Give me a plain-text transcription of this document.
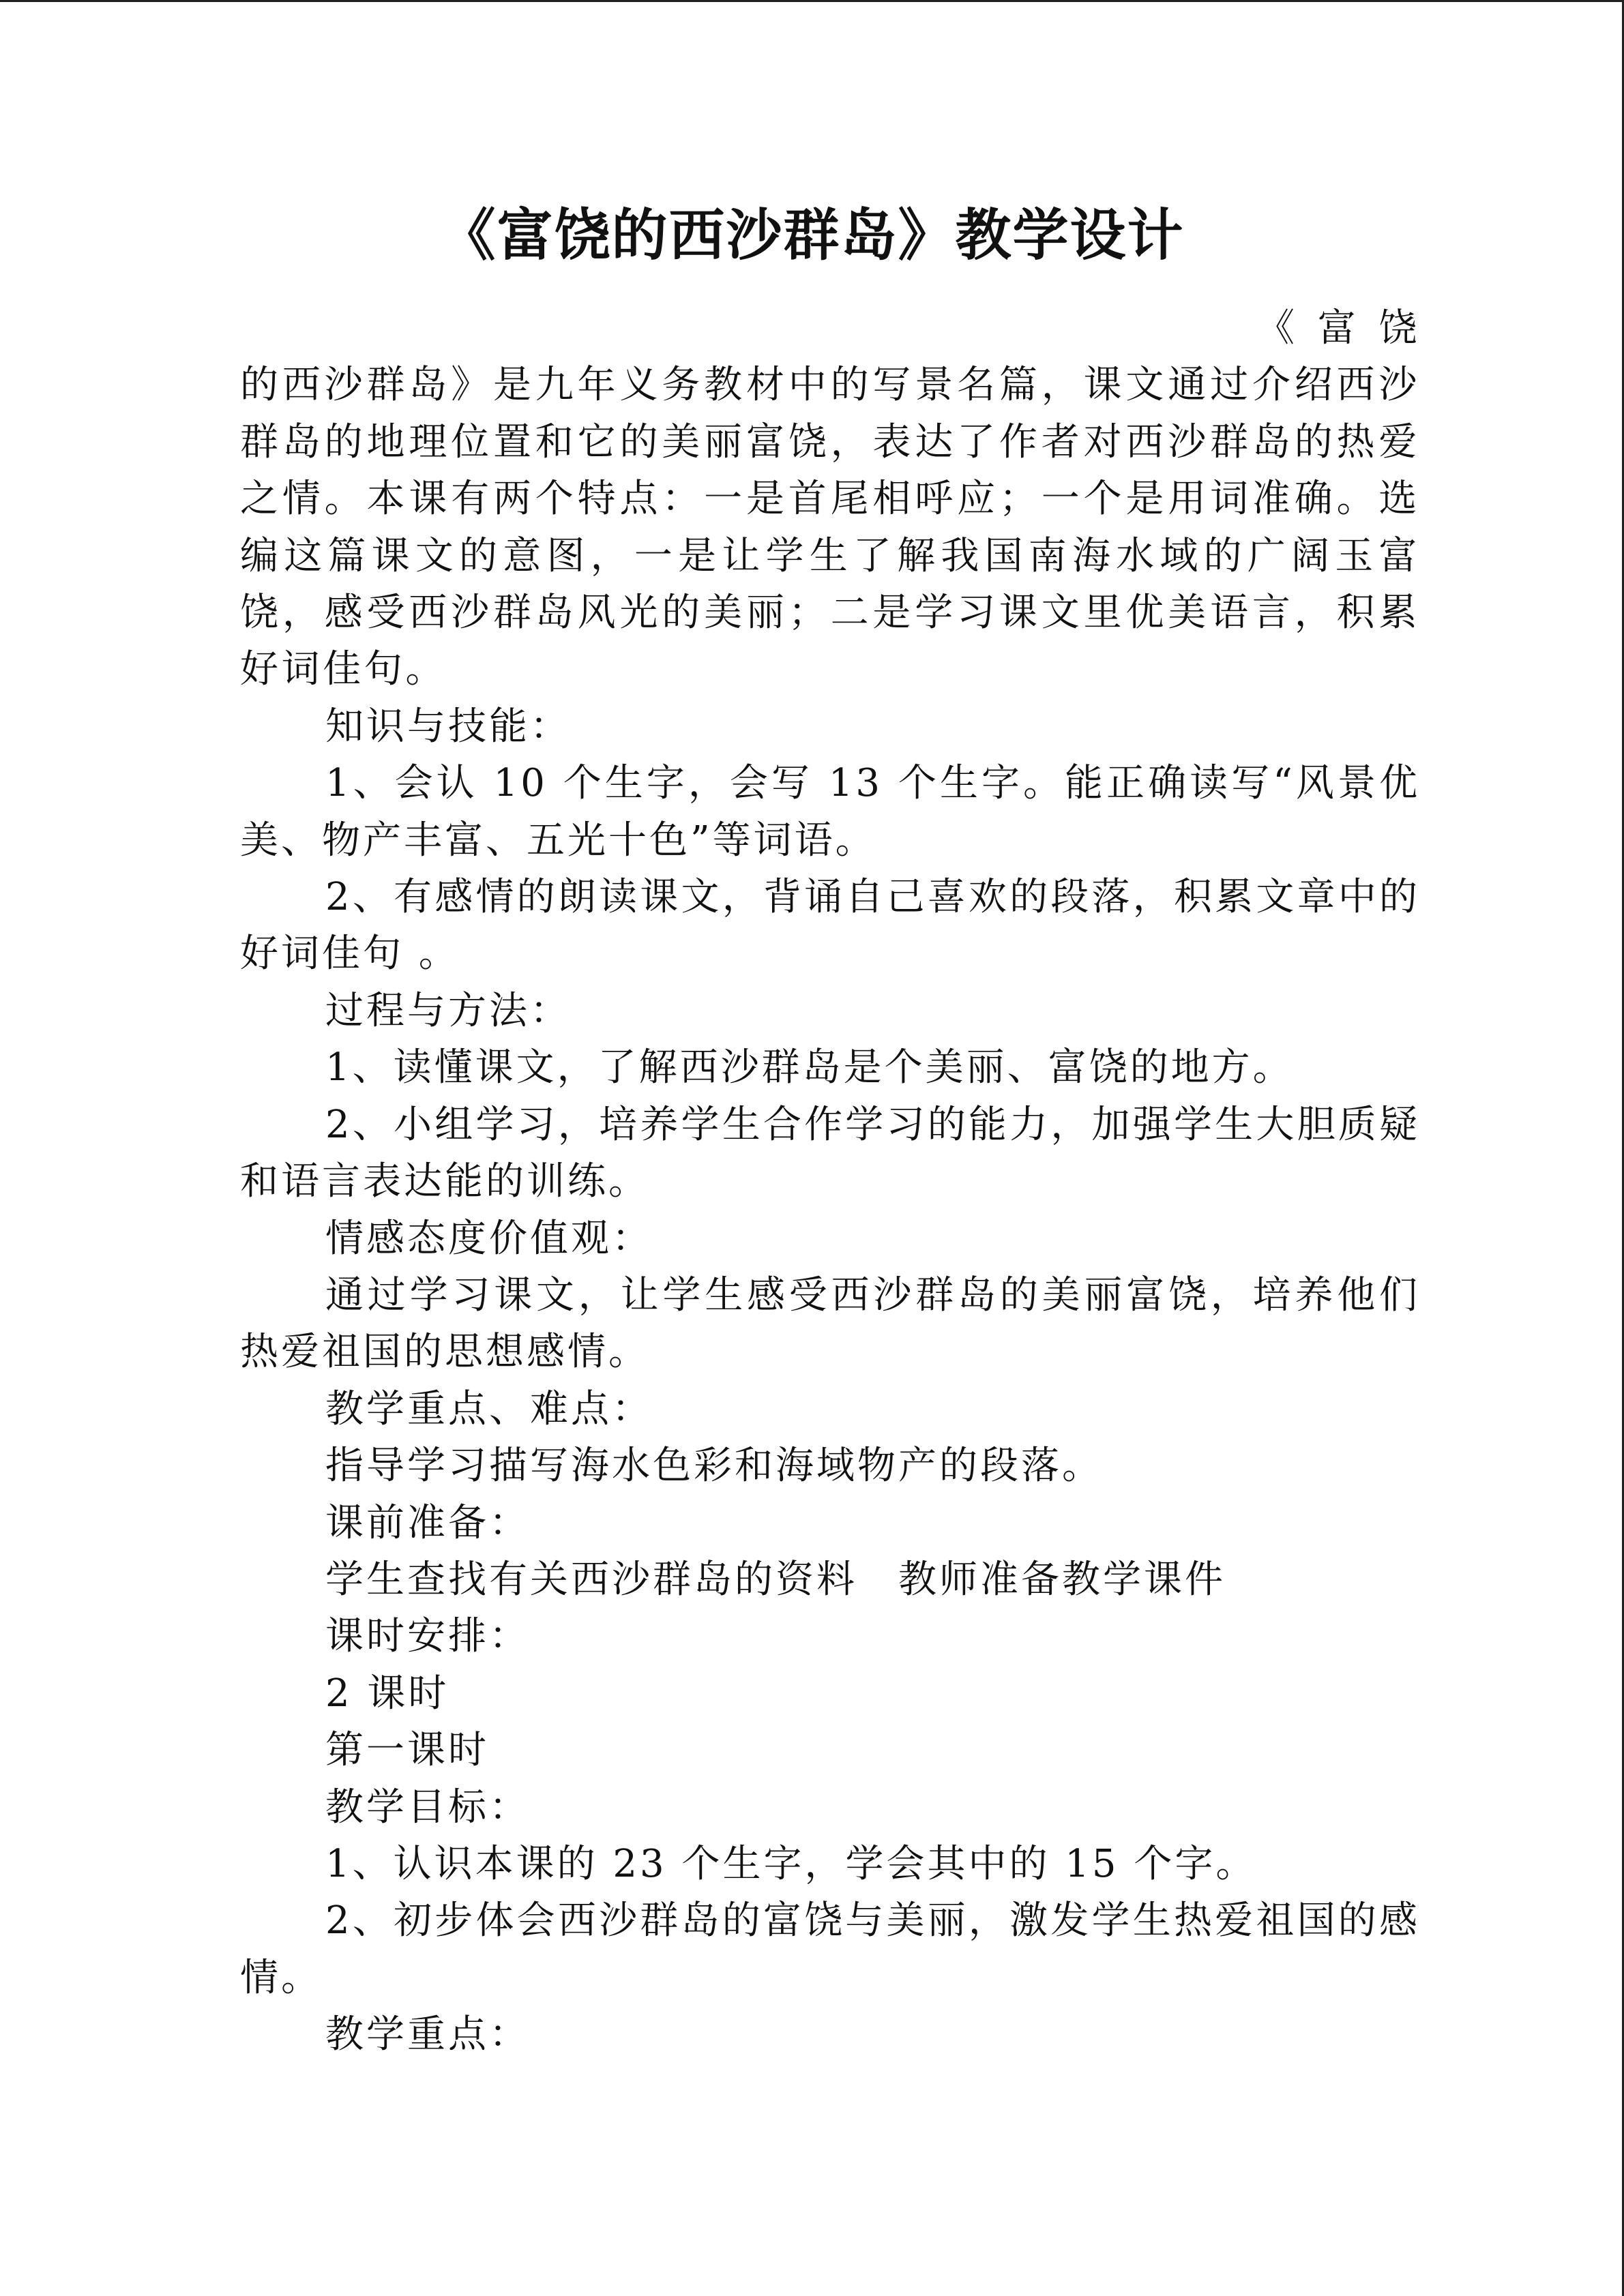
《富饶的西沙群岛》教学设计

《富饶的西沙群岛》是九年义务教材中的写景名篇，课文通过介绍西沙群岛的地理位置和它的美丽富饶，表达了作者对西沙群岛的热爱之情。本课有两个特点：一是首尾相呼应；一个是用词准确。选编这篇课文的意图，一是让学生了解我国南海水域的广阔玉富饶，感受西沙群岛风光的美丽；二是学习课文里优美语言，积累好词佳句。

知识与技能：

1、会认 10 个生字，会写 13 个生字。能正确读写“风景优美、物产丰富、五光十色”等词语。

2、有感情的朗读课文，背诵自己喜欢的段落，积累文章中的好词佳句 。

过程与方法：

1、读懂课文，了解西沙群岛是个美丽、富饶的地方。

2、小组学习，培养学生合作学习的能力，加强学生大胆质疑和语言表达能的训练。

情感态度价值观：

通过学习课文，让学生感受西沙群岛的美丽富饶，培养他们热爱祖国的思想感情。

教学重点、难点：

指导学习描写海水色彩和海域物产的段落。

课前准备：

学生查找有关西沙群岛的资料　教师准备教学课件

课时安排：

2 课时

第一课时

教学目标：

1、认识本课的 23 个生字，学会其中的 15 个字。

2、初步体会西沙群岛的富饶与美丽，激发学生热爱祖国的感情。

教学重点：
